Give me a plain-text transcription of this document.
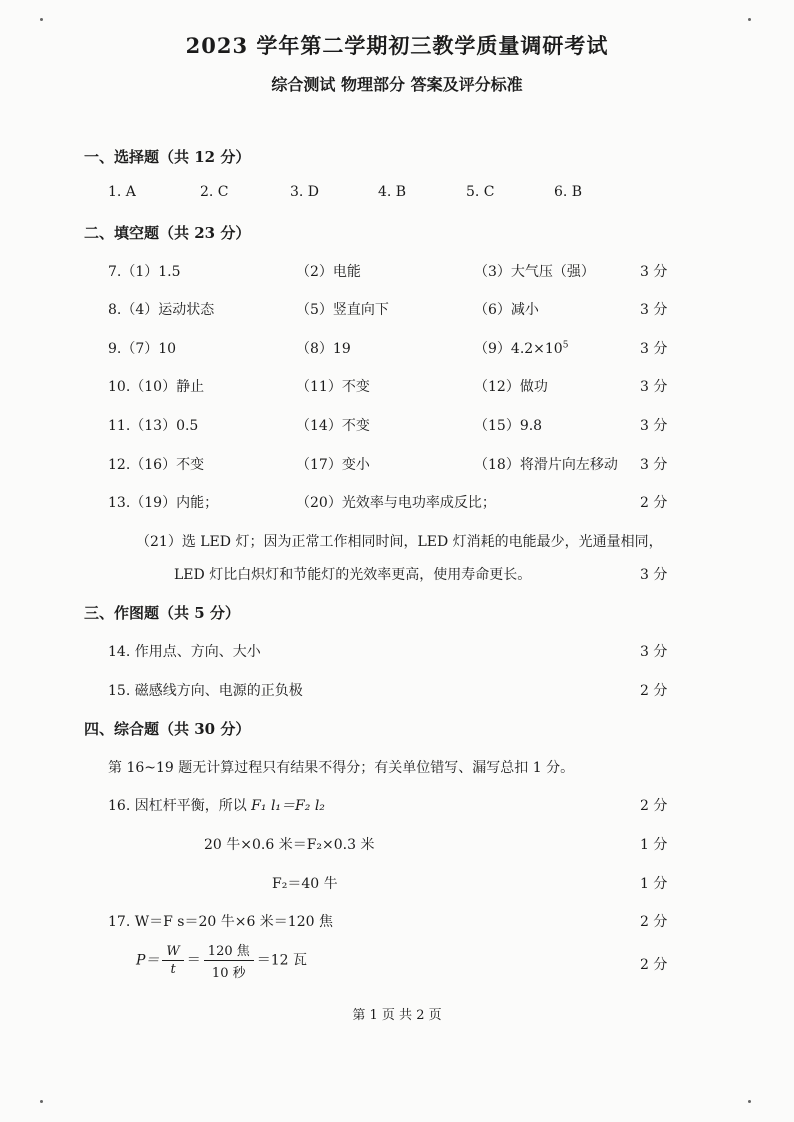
2023 学年第二学期初三教学质量调研考试
综合测试 物理部分 答案及评分标准
一、选择题（共 12 分）
1. A	2. C	3. D	4. B	5. C	6. B
二、填空题（共 23 分）
7.（1）1.5	（2）电能	（3）大气压（强）	3 分
8.（4）运动状态	（5）竖直向下	（6）减小	3 分
9.（7）10	（8）19	$(9)4.2\times 10^5$	3 分
10.（10）静止	（11）不变	（12）做功	3 分
11.（13）0.5	（14）不变	（15）9.8	3 分
12.（16）不变	（17）变小	（18）将滑片向左移动 3 分
13.（19）内能；	（20）光效率与电功率成反比；	2 分
（21）选 LED 灯；因为正常工作相同时间，LED 灯消耗的电能最少，光通量相同，
LED 灯比白炽灯和节能灯的光效率更高，使用寿命更长。	3 分
三、作图题（共 5 分）
14. 作用点、方向、大小	3 分
15. 磁感线方向、电源的正负极	2 分
四、综合题（共 30 分）
第 16~19 题无计算过程只有结果不得分；有关单位错写、漏写总扣 1 分。
16. 因杠杆平衡，所以 F₁ l₁＝F₂ l₂	2 分
20 牛×0.6 米＝F₂×0.3 米	1 分
F₂＝40 牛	1 分
17. W＝F s＝20 牛×6 米＝120 焦	2 分
$P= \frac{W}{t} = \frac{\text{120 焦}}{\text{10 秒}} =12$ 瓦	2 分
第 1 页 共 2 页
